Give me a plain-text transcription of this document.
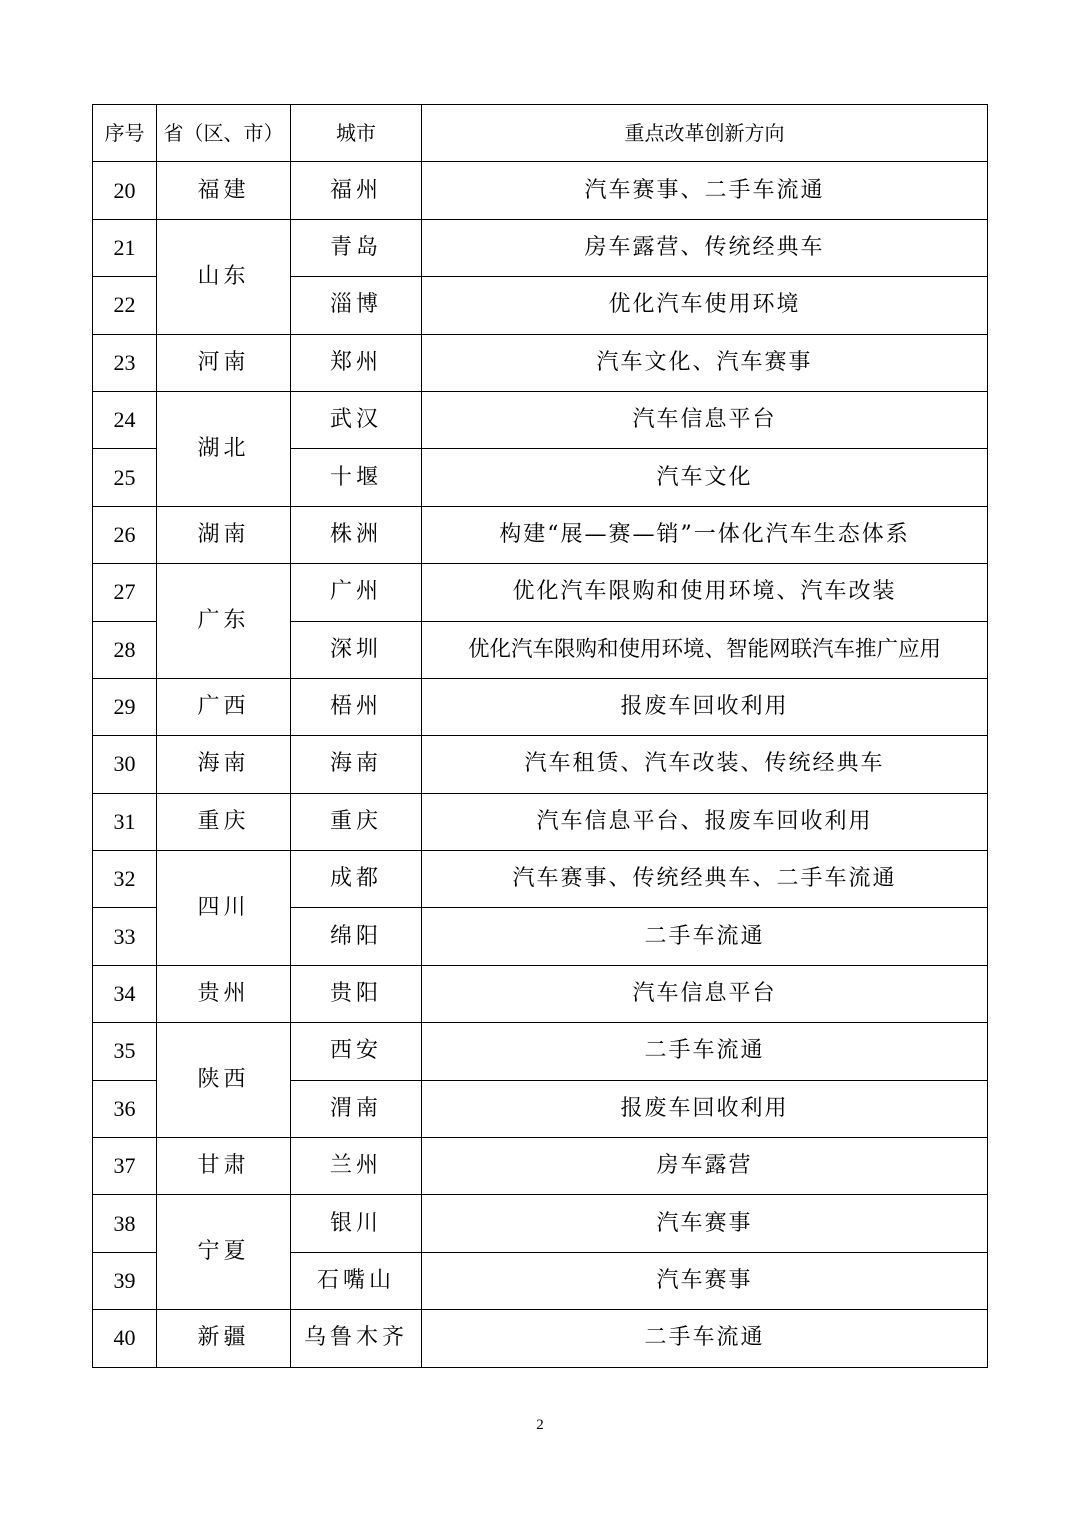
序号	省（区、市）	城市	重点改革创新方向
20	福建	福州	汽车赛事、二手车流通
21	山东	青岛	房车露营、传统经典车
22		淄博	优化汽车使用环境
23	河南	郑州	汽车文化、汽车赛事
24	湖北	武汉	汽车信息平台
25		十堰	汽车文化
26	湖南	株洲	构建“展—赛—销”一体化汽车生态体系
27	广东	广州	优化汽车限购和使用环境、汽车改装
28		深圳	优化汽车限购和使用环境、智能网联汽车推广应用
29	广西	梧州	报废车回收利用
30	海南	海南	汽车租赁、汽车改装、传统经典车
31	重庆	重庆	汽车信息平台、报废车回收利用
32	四川	成都	汽车赛事、传统经典车、二手车流通
33		绵阳	二手车流通
34	贵州	贵阳	汽车信息平台
35	陕西	西安	二手车流通
36		渭南	报废车回收利用
37	甘肃	兰州	房车露营
38	宁夏	银川	汽车赛事
39		石嘴山	汽车赛事
40	新疆	乌鲁木齐	二手车流通
2
